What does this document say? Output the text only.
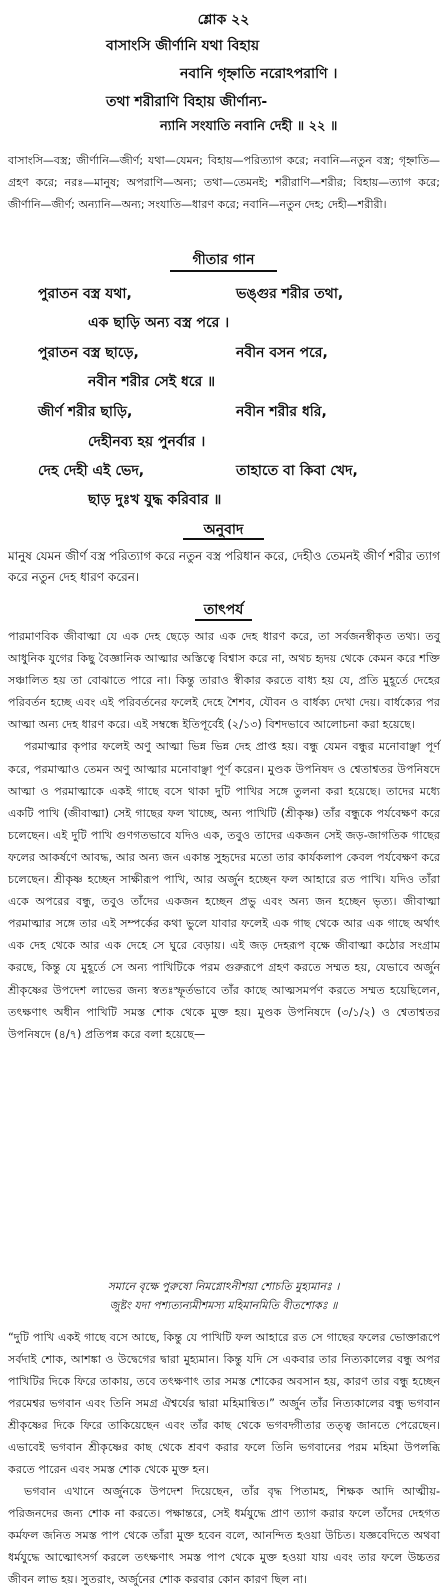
শ্লোক ২২
বাসাংসি জীর্ণানি যথা বিহায়
নবানি গৃহ্নাতি নরোঽপরাণি ।
তথা শরীরাণি বিহায় জীর্ণান্য-
ন্যানি সংযাতি নবানি দেহী ॥ ২২ ॥
বাসাংসি—বস্ত্র; জীর্ণানি—জীর্ণ; যথা—যেমন; বিহায়—পরিত্যাগ করে; নবানি—নতুন বস্ত্র; গৃহ্নাতি—গ্রহণ করে; নরঃ—মানুষ; অপরাণি—অন্য; তথা—তেমনই; শরীরাণি—শরীর; বিহায়—ত্যাগ করে; জীর্ণানি—জীর্ণ; অন্যানি—অন্য; সংযাতি—ধারণ করে; নবানি—নতুন দেহ; দেহী—শরীরী।
গীতার গান
পুরাতন বস্ত্র যথা,	ভঙ্গুর শরীর তথা,
এক ছাড়ি অন্য বস্ত্র পরে ।
পুরাতন বস্ত্র ছাড়ে,	নবীন বসন পরে,
নবীন শরীর সেই ধরে ॥
জীর্ণ শরীর ছাড়ি,	নবীন শরীর ধরি,
দেহীনব্য হয় পুনর্বার ।
দেহ দেহী এই ভেদ,	তাহাতে বা কিবা খেদ,
ছাড় দুঃখ যুদ্ধ করিবার ॥
অনুবাদ
মানুষ যেমন জীর্ণ বস্ত্র পরিত্যাগ করে নতুন বস্ত্র পরিধান করে, দেহীও তেমনই জীর্ণ শরীর ত্যাগ করে নতুন দেহ ধারণ করেন।
তাৎপর্য

পারমাণবিক জীবাত্মা যে এক দেহ ছেড়ে আর এক দেহ ধারণ করে, তা সর্বজনস্বীকৃত তথ্য। তবু আধুনিক যুগের কিছু বৈজ্ঞানিক আত্মার অস্তিত্বে বিশ্বাস করে না, অথচ হৃদয় থেকে কেমন করে শক্তি সঞ্চালিত হয় তা বোঝাতে পারে না। কিন্তু তারাও স্বীকার করতে বাধ্য হয় যে, প্রতি মুহূর্তে দেহের পরিবর্তন হচ্ছে এবং এই পরিবর্তনের ফলেই দেহে শৈশব, যৌবন ও বার্ধক্য দেখা দেয়। বার্ধক্যের পর আত্মা অন্য দেহ ধারণ করে। এই সম্বন্ধে ইতিপূর্বেই (২/১৩) বিশদভাবে আলোচনা করা হয়েছে।

পরমাত্মার কৃপার ফলেই অণু আত্মা ভিন্ন ভিন্ন দেহ প্রাপ্ত হয়। বন্ধু যেমন বন্ধুর মনোবাঞ্ছা পূর্ণ করে, পরমাত্মাও তেমন অণু আত্মার মনোবাঞ্ছা পূর্ণ করেন। মুণ্ডক উপনিষদ ও শ্বেতাশ্বতর উপনিষদে আত্মা ও পরমাত্মাকে একই গাছে বসে থাকা দুটি পাখির সঙ্গে তুলনা করা হয়েছে। তাদের মধ্যে একটি পাখি (জীবাত্মা) সেই গাছের ফল খাচ্ছে, অন্য পাখিটি (শ্রীকৃষ্ণ) তাঁর বন্ধুকে পর্যবেক্ষণ করে চলেছেন। এই দুটি পাখি গুণগতভাবে যদিও এক, তবুও তাদের একজন সেই জড়-জাগতিক গাছের ফলের আকর্ষণে আবদ্ধ, আর অন্য জন একান্ত সুহৃদের মতো তার কার্যকলাপ কেবল পর্যবেক্ষণ করে চলেছেন। শ্রীকৃষ্ণ হচ্ছেন সাক্ষীরূপ পাখি, আর অর্জুন হচ্ছেন ফল আহারে রত পাখি। যদিও তাঁরা একে অপরের বন্ধু, তবুও তাঁদের একজন হচ্ছেন প্রভু এবং অন্য জন হচ্ছেন ভৃত্য। জীবাত্মা পরমাত্মার সঙ্গে তার এই সম্পর্কের কথা ভুলে যাবার ফলেই এক গাছ থেকে আর এক গাছে অর্থাৎ এক দেহ থেকে আর এক দেহে সে ঘুরে বেড়ায়। এই জড় দেহরূপ বৃক্ষে জীবাত্মা কঠোর সংগ্রাম করছে, কিন্তু যে মুহূর্তে সে অন্য পাখিটিকে পরম গুরুরূপে গ্রহণ করতে সম্মত হয়, যেভাবে অর্জুন শ্রীকৃষ্ণের উপদেশ লাভের জন্য স্বতঃস্ফূর্তভাবে তাঁর কাছে আত্মসমর্পণ করতে সম্মত হয়েছিলেন, তৎক্ষণাৎ অধীন পাখিটি সমস্ত শোক থেকে মুক্ত হয়। মুণ্ডক উপনিষদে (৩/১/২) ও শ্বেতাশ্বতর উপনিষদে (৪/৭) প্রতিপন্ন করে বলা হয়েছে—

সমানে বৃক্ষে পুরুষো নিমগ্নোঽনীশয়া শোচতি মুহ্যমানঃ ।
জুষ্টং যদা পশ্যত্যন্যমীশমস্য মহিমানমিতি বীতশোকঃ ॥

“দুটি পাখি একই গাছে বসে আছে, কিন্তু যে পাখিটি ফল আহারে রত সে গাছের ফলের ভোক্তারূপে সর্বদাই শোক, আশঙ্কা ও উদ্বেগের দ্বারা মুহ্যমান। কিন্তু যদি সে একবার তার নিত্যকালের বন্ধু অপর পাখিটির দিকে ফিরে তাকায়, তবে তৎক্ষণাৎ তার সমস্ত শোকের অবসান হয়, কারণ তার বন্ধু হচ্ছেন পরমেশ্বর ভগবান এবং তিনি সমগ্র ঐশ্বর্যের দ্বারা মহিমান্বিত।” অর্জুন তাঁর নিত্যকালের বন্ধু ভগবান শ্রীকৃষ্ণের দিকে ফিরে তাকিয়েছেন এবং তাঁর কাছ থেকে ভগবদ্গীতার তত্ত্ব জানতে পেরেছেন। এভাবেই ভগবান শ্রীকৃষ্ণের কাছ থেকে শ্রবণ করার ফলে তিনি ভগবানের পরম মহিমা উপলব্ধি করতে পারেন এবং সমস্ত শোক থেকে মুক্ত হন।

ভগবান এখানে অর্জুনকে উপদেশ দিয়েছেন, তাঁর বৃদ্ধ পিতামহ, শিক্ষক আদি আত্মীয়-পরিজনদের জন্য শোক না করতে। পক্ষান্তরে, সেই ধর্মযুদ্ধে প্রাণ ত্যাগ করার ফলে তাঁদের দেহগত কর্মফল জনিত সমস্ত পাপ থেকে তাঁরা মুক্ত হবেন বলে, আনন্দিত হওয়া উচিত। যজ্ঞবেদিতে অথবা ধর্মযুদ্ধে আত্মোৎসর্গ করলে তৎক্ষণাৎ সমস্ত পাপ থেকে মুক্ত হওয়া যায় এবং তার ফলে উচ্চতর জীবন লাভ হয়। সুতরাং, অর্জুনের শোক করবার কোন কারণ ছিল না।
